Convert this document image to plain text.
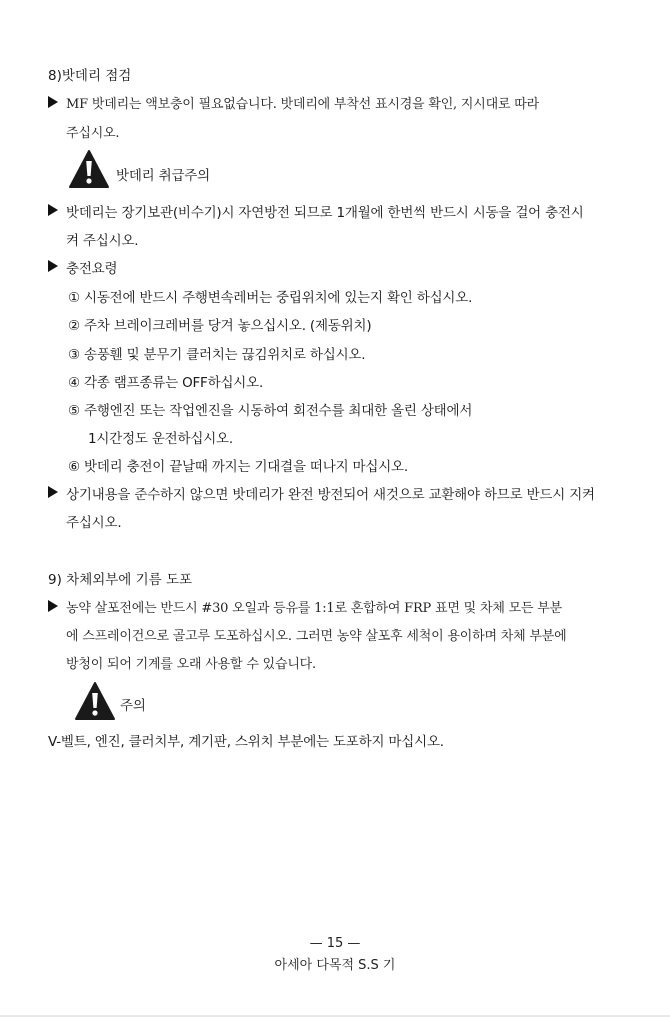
8)밧데리 점검
MF 밧데리는 액보충이 필요없습니다. 밧데리에 부착선 표시경을 확인, 지시대로 따라
주십시오.
밧데리 취급주의
밧데리는 장기보관(비수기)시 자연방전 되므로 1개월에 한번씩 반드시 시동을 걸어 충전시
켜 주십시오.
충전요령
① 시동전에 반드시 주행변속레버는 중립위치에 있는지 확인 하십시오.
② 주차 브레이크레버를 당겨 놓으십시오. (제동위치)
③ 송풍휀 및 분무기 클러치는 끊김위치로 하십시오.
④ 각종 램프종류는 OFF하십시오.
⑤ 주행엔진 또는 작업엔진을 시동하여 회전수를 최대한 올린 상태에서
1시간정도 운전하십시오.
⑥ 밧데리 충전이 끝날때 까지는 기대결을 떠나지 마십시오.
상기내용을 준수하지 않으면 밧데리가 완전 방전되어 새것으로 교환해야 하므로 반드시 지켜
주십시오.
9) 차체외부에 기름 도포
농약 살포전에는 반드시 #30 오일과 등유를 1:1로 혼합하여 FRP 표면 및 차체 모든 부분
에 스프레이건으로 골고루 도포하십시오. 그러면 농약 살포후 세척이 용이하며 차체 부분에
방청이 되어 기계를 오래 사용할 수 있습니다.
주의
V-벨트, 엔진, 클러치부, 계기판, 스위치 부분에는 도포하지 마십시오.
— 15 —
아세아 다목적 S.S 기
